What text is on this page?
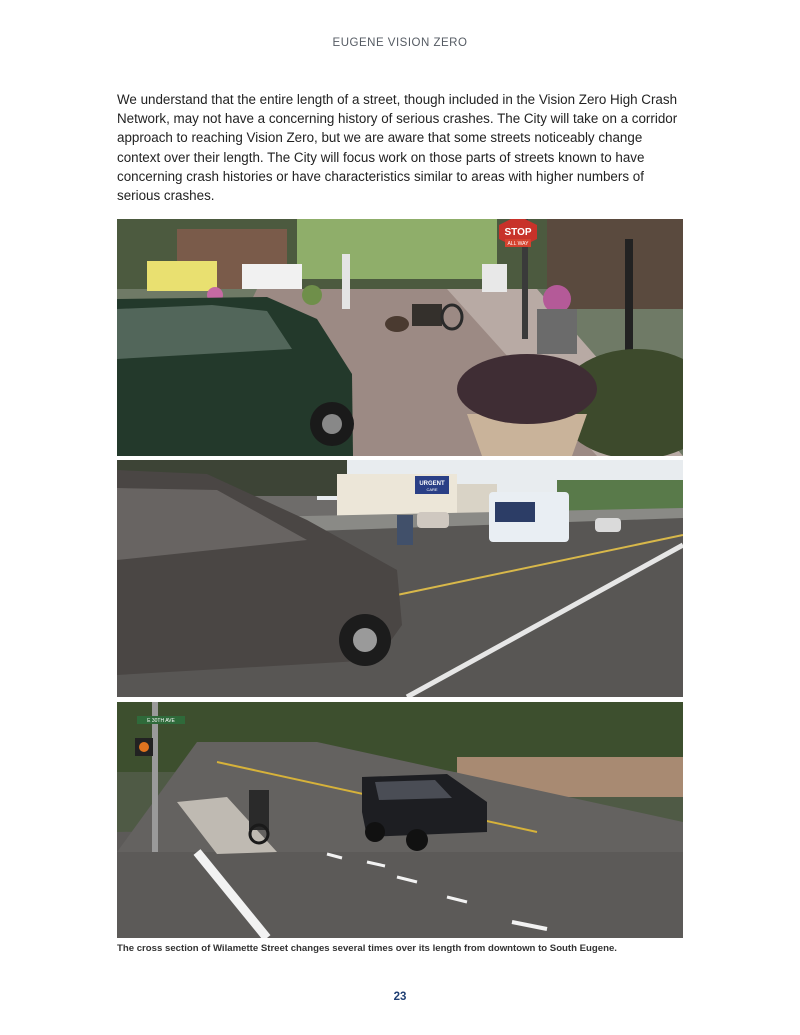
EUGENE VISION ZERO
We understand that the entire length of a street, though included in the Vision Zero High Crash Network, may not have a concerning history of serious crashes. The City will take on a corridor approach to reaching Vision Zero, but we are aware that some streets noticeably change context over their length. The City will focus work on those parts of streets known to have concerning crash histories or have characteristics similar to areas with higher numbers of serious crashes.
STOP
ALL WAY
URGENT
CARE
E 30TH AVE
The cross section of Wilamette Street changes several times over its length from downtown to South Eugene.
23
